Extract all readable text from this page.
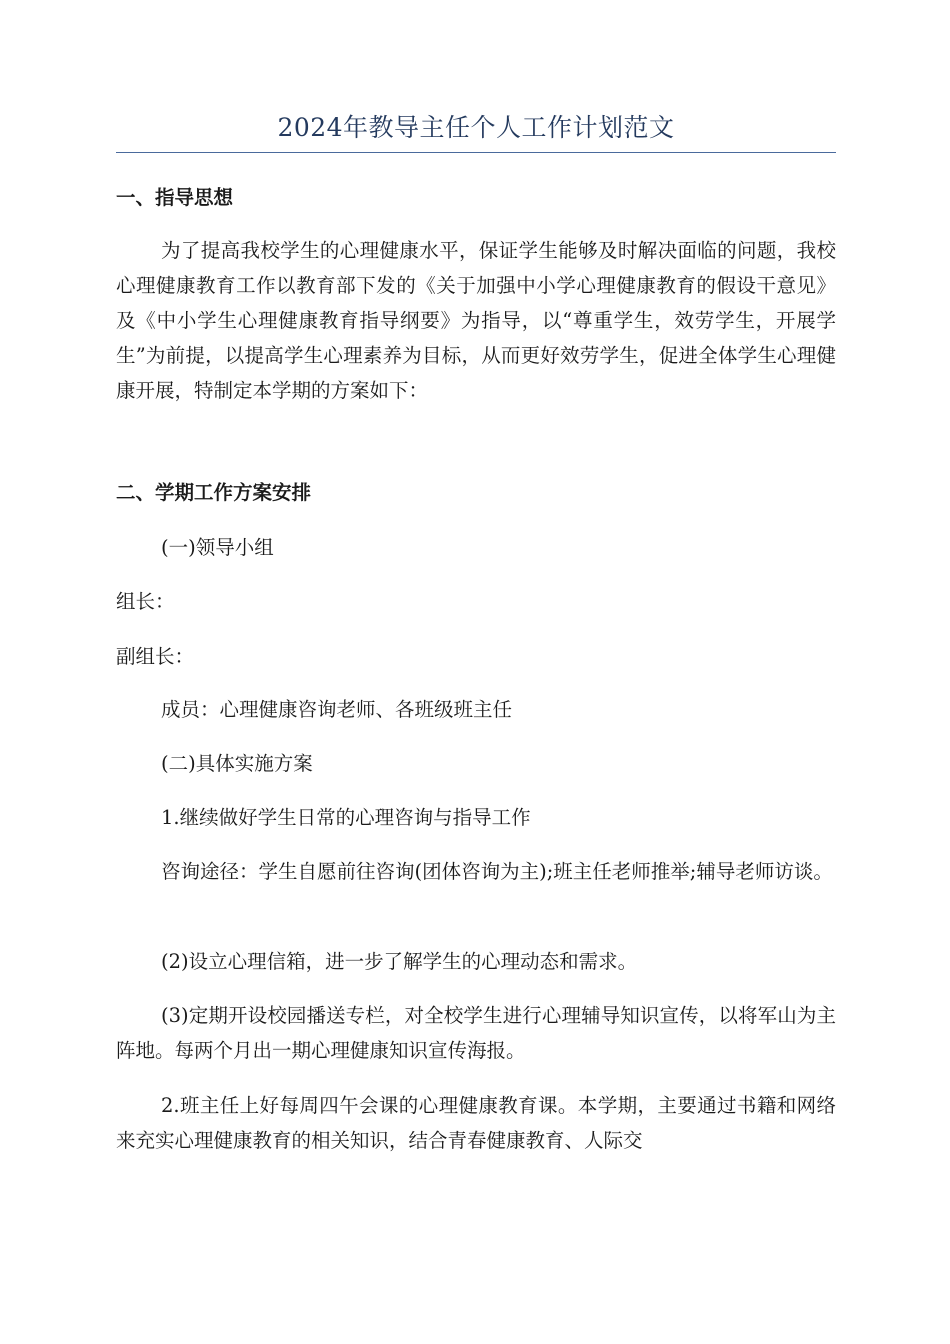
2024年教导主任个人工作计划范文
一、指导思想
为了提高我校学生的心理健康水平，保证学生能够及时解决面临的问题，我校心理健康教育工作以教育部下发的《关于加强中小学心理健康教育的假设干意见》及《中小学生心理健康教育指导纲要》为指导，以“尊重学生，效劳学生，开展学生”为前提，以提高学生心理素养为目标，从而更好效劳学生，促进全体学生心理健康开展，特制定本学期的方案如下：
二、学期工作方案安排
(一)领导小组
组长：
副组长：
成员：心理健康咨询老师、各班级班主任
(二)具体实施方案
1.继续做好学生日常的心理咨询与指导工作
咨询途径：学生自愿前往咨询(团体咨询为主);班主任老师推举;辅导老师访谈。
(2)设立心理信箱，进一步了解学生的心理动态和需求。
(3)定期开设校园播送专栏，对全校学生进行心理辅导知识宣传，以将军山为主阵地。每两个月出一期心理健康知识宣传海报。
2.班主任上好每周四午会课的心理健康教育课。本学期，主要通过书籍和网络来充实心理健康教育的相关知识，结合青春健康教育、人际交
